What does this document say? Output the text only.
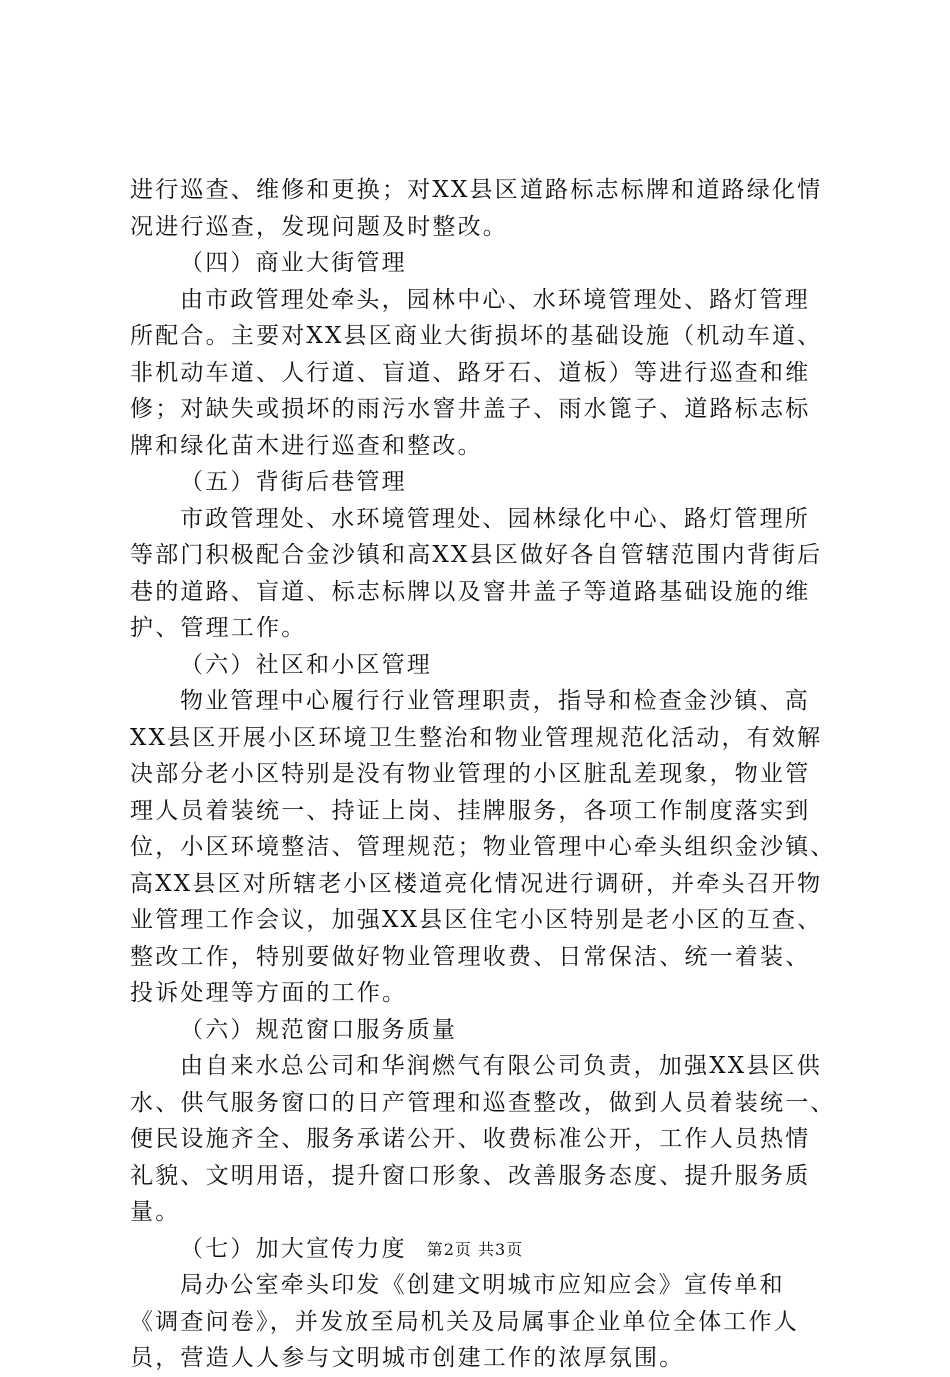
进行巡查、维修和更换；对XX县区道路标志标牌和道路绿化情
况进行巡查，发现问题及时整改。
（四）商业大街管理
由市政管理处牵头，园林中心、水环境管理处、路灯管理
所配合。主要对XX县区商业大街损坏的基础设施（机动车道、
非机动车道、人行道、盲道、路牙石、道板）等进行巡查和维
修；对缺失或损坏的雨污水窨井盖子、雨水篦子、道路标志标
牌和绿化苗木进行巡查和整改。
（五）背街后巷管理
市政管理处、水环境管理处、园林绿化中心、路灯管理所
等部门积极配合金沙镇和高XX县区做好各自管辖范围内背街后
巷的道路、盲道、标志标牌以及窨井盖子等道路基础设施的维
护、管理工作。
（六）社区和小区管理
物业管理中心履行行业管理职责，指导和检查金沙镇、高
XX县区开展小区环境卫生整治和物业管理规范化活动，有效解
决部分老小区特别是没有物业管理的小区脏乱差现象，物业管
理人员着装统一、持证上岗、挂牌服务，各项工作制度落实到
位，小区环境整洁、管理规范；物业管理中心牵头组织金沙镇、
高XX县区对所辖老小区楼道亮化情况进行调研，并牵头召开物
业管理工作会议，加强XX县区住宅小区特别是老小区的互查、
整改工作，特别要做好物业管理收费、日常保洁、统一着装、
投诉处理等方面的工作。
（六）规范窗口服务质量
由自来水总公司和华润燃气有限公司负责，加强XX县区供
水、供气服务窗口的日产管理和巡查整改，做到人员着装统一、
便民设施齐全、服务承诺公开、收费标准公开，工作人员热情
礼貌、文明用语，提升窗口形象、改善服务态度、提升服务质
量。
（七）加大宣传力度
局办公室牵头印发《创建文明城市应知应会》宣传单和
《调查问卷》，并发放至局机关及局属事企业单位全体工作人
员，营造人人参与文明城市创建工作的浓厚氛围。
第2页 共3页
